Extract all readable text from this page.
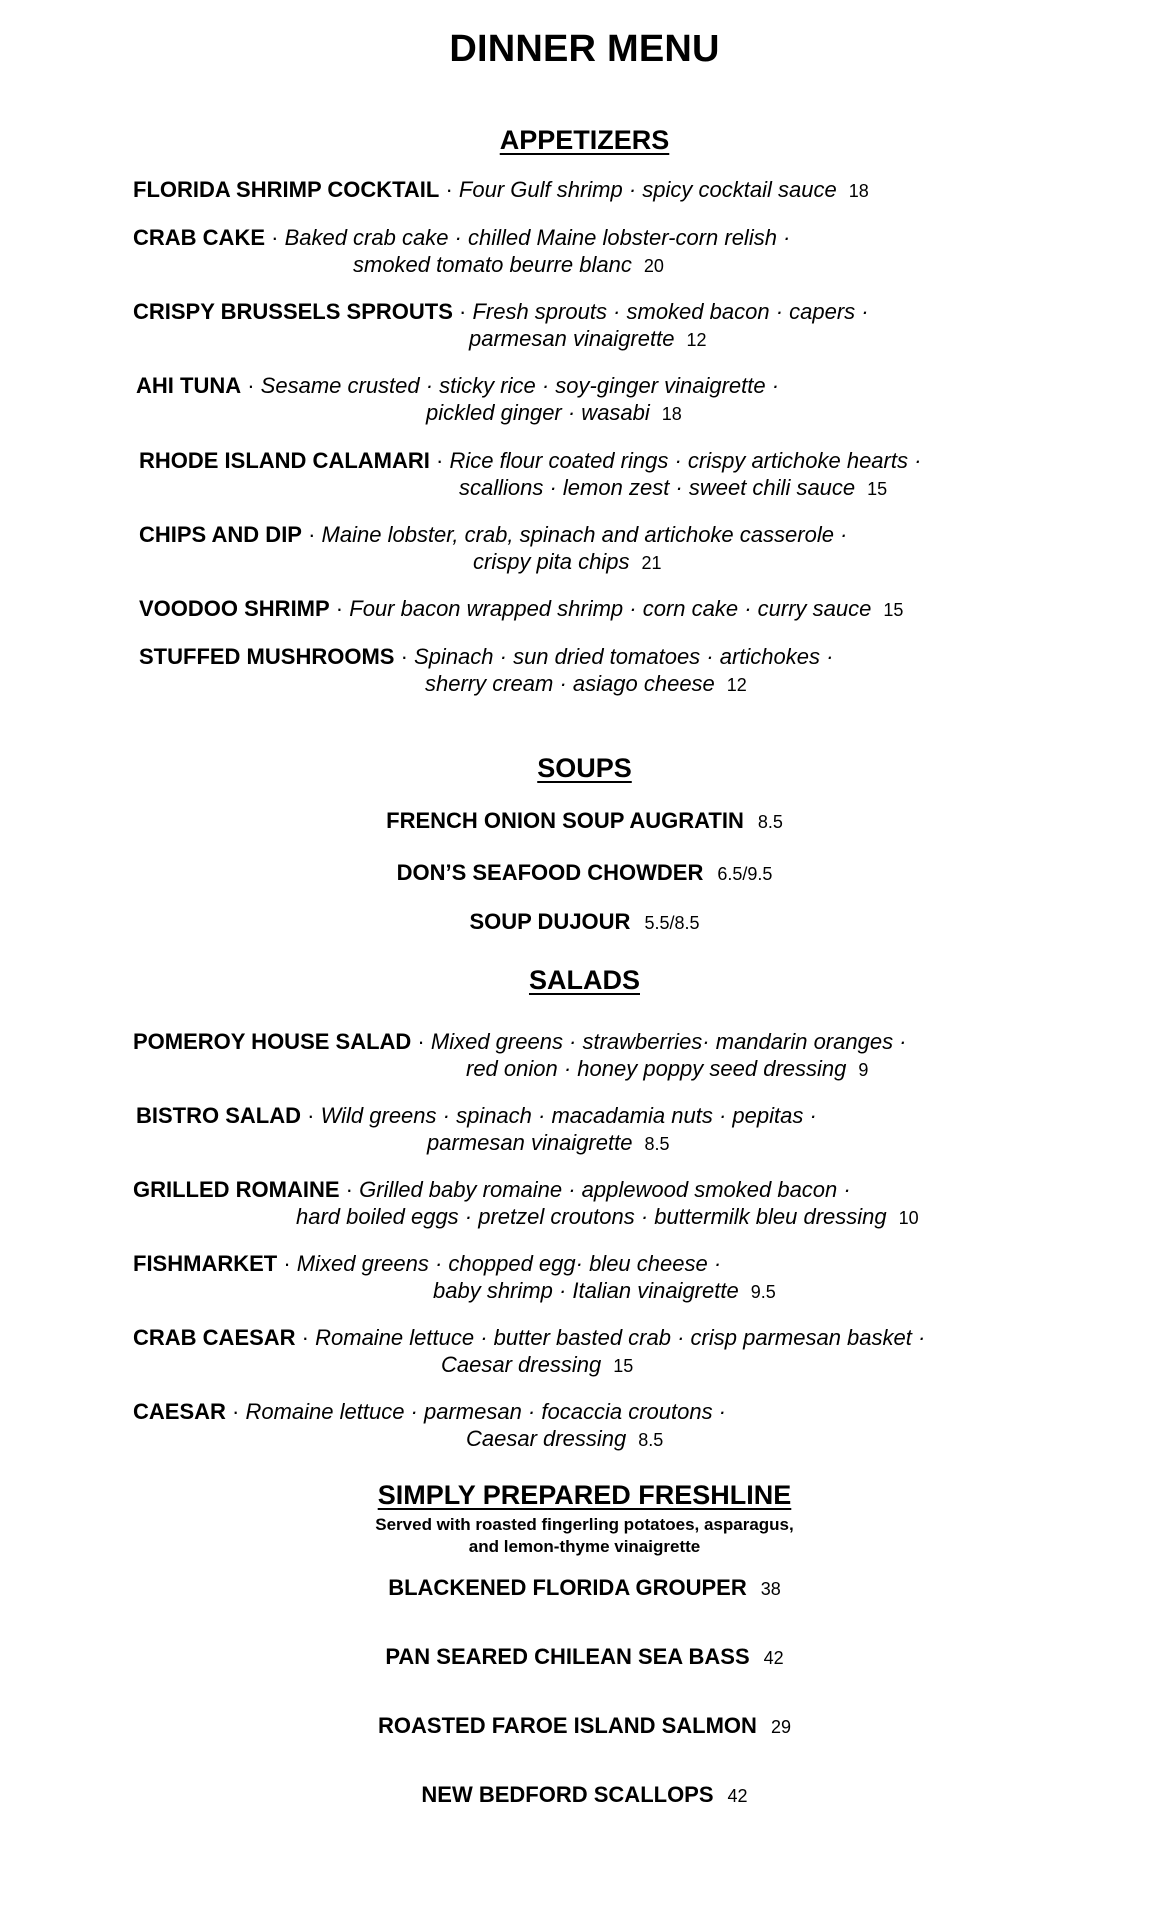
DINNER MENU
APPETIZERS
FLORIDA SHRIMP COCKTAIL · Four Gulf shrimp · spicy cocktail sauce 18
CRAB CAKE · Baked crab cake · chilled Maine lobster-corn relish ·
smoked tomato beurre blanc 20
CRISPY BRUSSELS SPROUTS · Fresh sprouts · smoked bacon · capers ·
parmesan vinaigrette 12
AHI TUNA · Sesame crusted · sticky rice · soy-ginger vinaigrette ·
pickled ginger · wasabi 18
RHODE ISLAND CALAMARI · Rice flour coated rings · crispy artichoke hearts ·
scallions · lemon zest · sweet chili sauce 15
CHIPS AND DIP · Maine lobster, crab, spinach and artichoke casserole ·
crispy pita chips 21
VOODOO SHRIMP · Four bacon wrapped shrimp · corn cake · curry sauce 15
STUFFED MUSHROOMS · Spinach · sun dried tomatoes · artichokes ·
sherry cream · asiago cheese 12
SOUPS
FRENCH ONION SOUP AUGRATIN 8.5
DON’S SEAFOOD CHOWDER 6.5/9.5
SOUP DUJOUR 5.5/8.5
SALADS
POMEROY HOUSE SALAD · Mixed greens · strawberries· mandarin oranges ·
red onion · honey poppy seed dressing 9
BISTRO SALAD · Wild greens · spinach · macadamia nuts · pepitas ·
parmesan vinaigrette 8.5
GRILLED ROMAINE · Grilled baby romaine · applewood smoked bacon ·
hard boiled eggs · pretzel croutons · buttermilk bleu dressing 10
FISHMARKET · Mixed greens · chopped egg· bleu cheese ·
baby shrimp · Italian vinaigrette 9.5
CRAB CAESAR · Romaine lettuce · butter basted crab · crisp parmesan basket ·
Caesar dressing 15
CAESAR · Romaine lettuce · parmesan · focaccia croutons ·
Caesar dressing 8.5
SIMPLY PREPARED FRESHLINE

Served with roasted fingerling potatoes, asparagus,

and lemon-thyme vinaigrette

BLACKENED FLORIDA GROUPER 38
PAN SEARED CHILEAN SEA BASS 42
ROASTED FAROE ISLAND SALMON 29
NEW BEDFORD SCALLOPS 42
